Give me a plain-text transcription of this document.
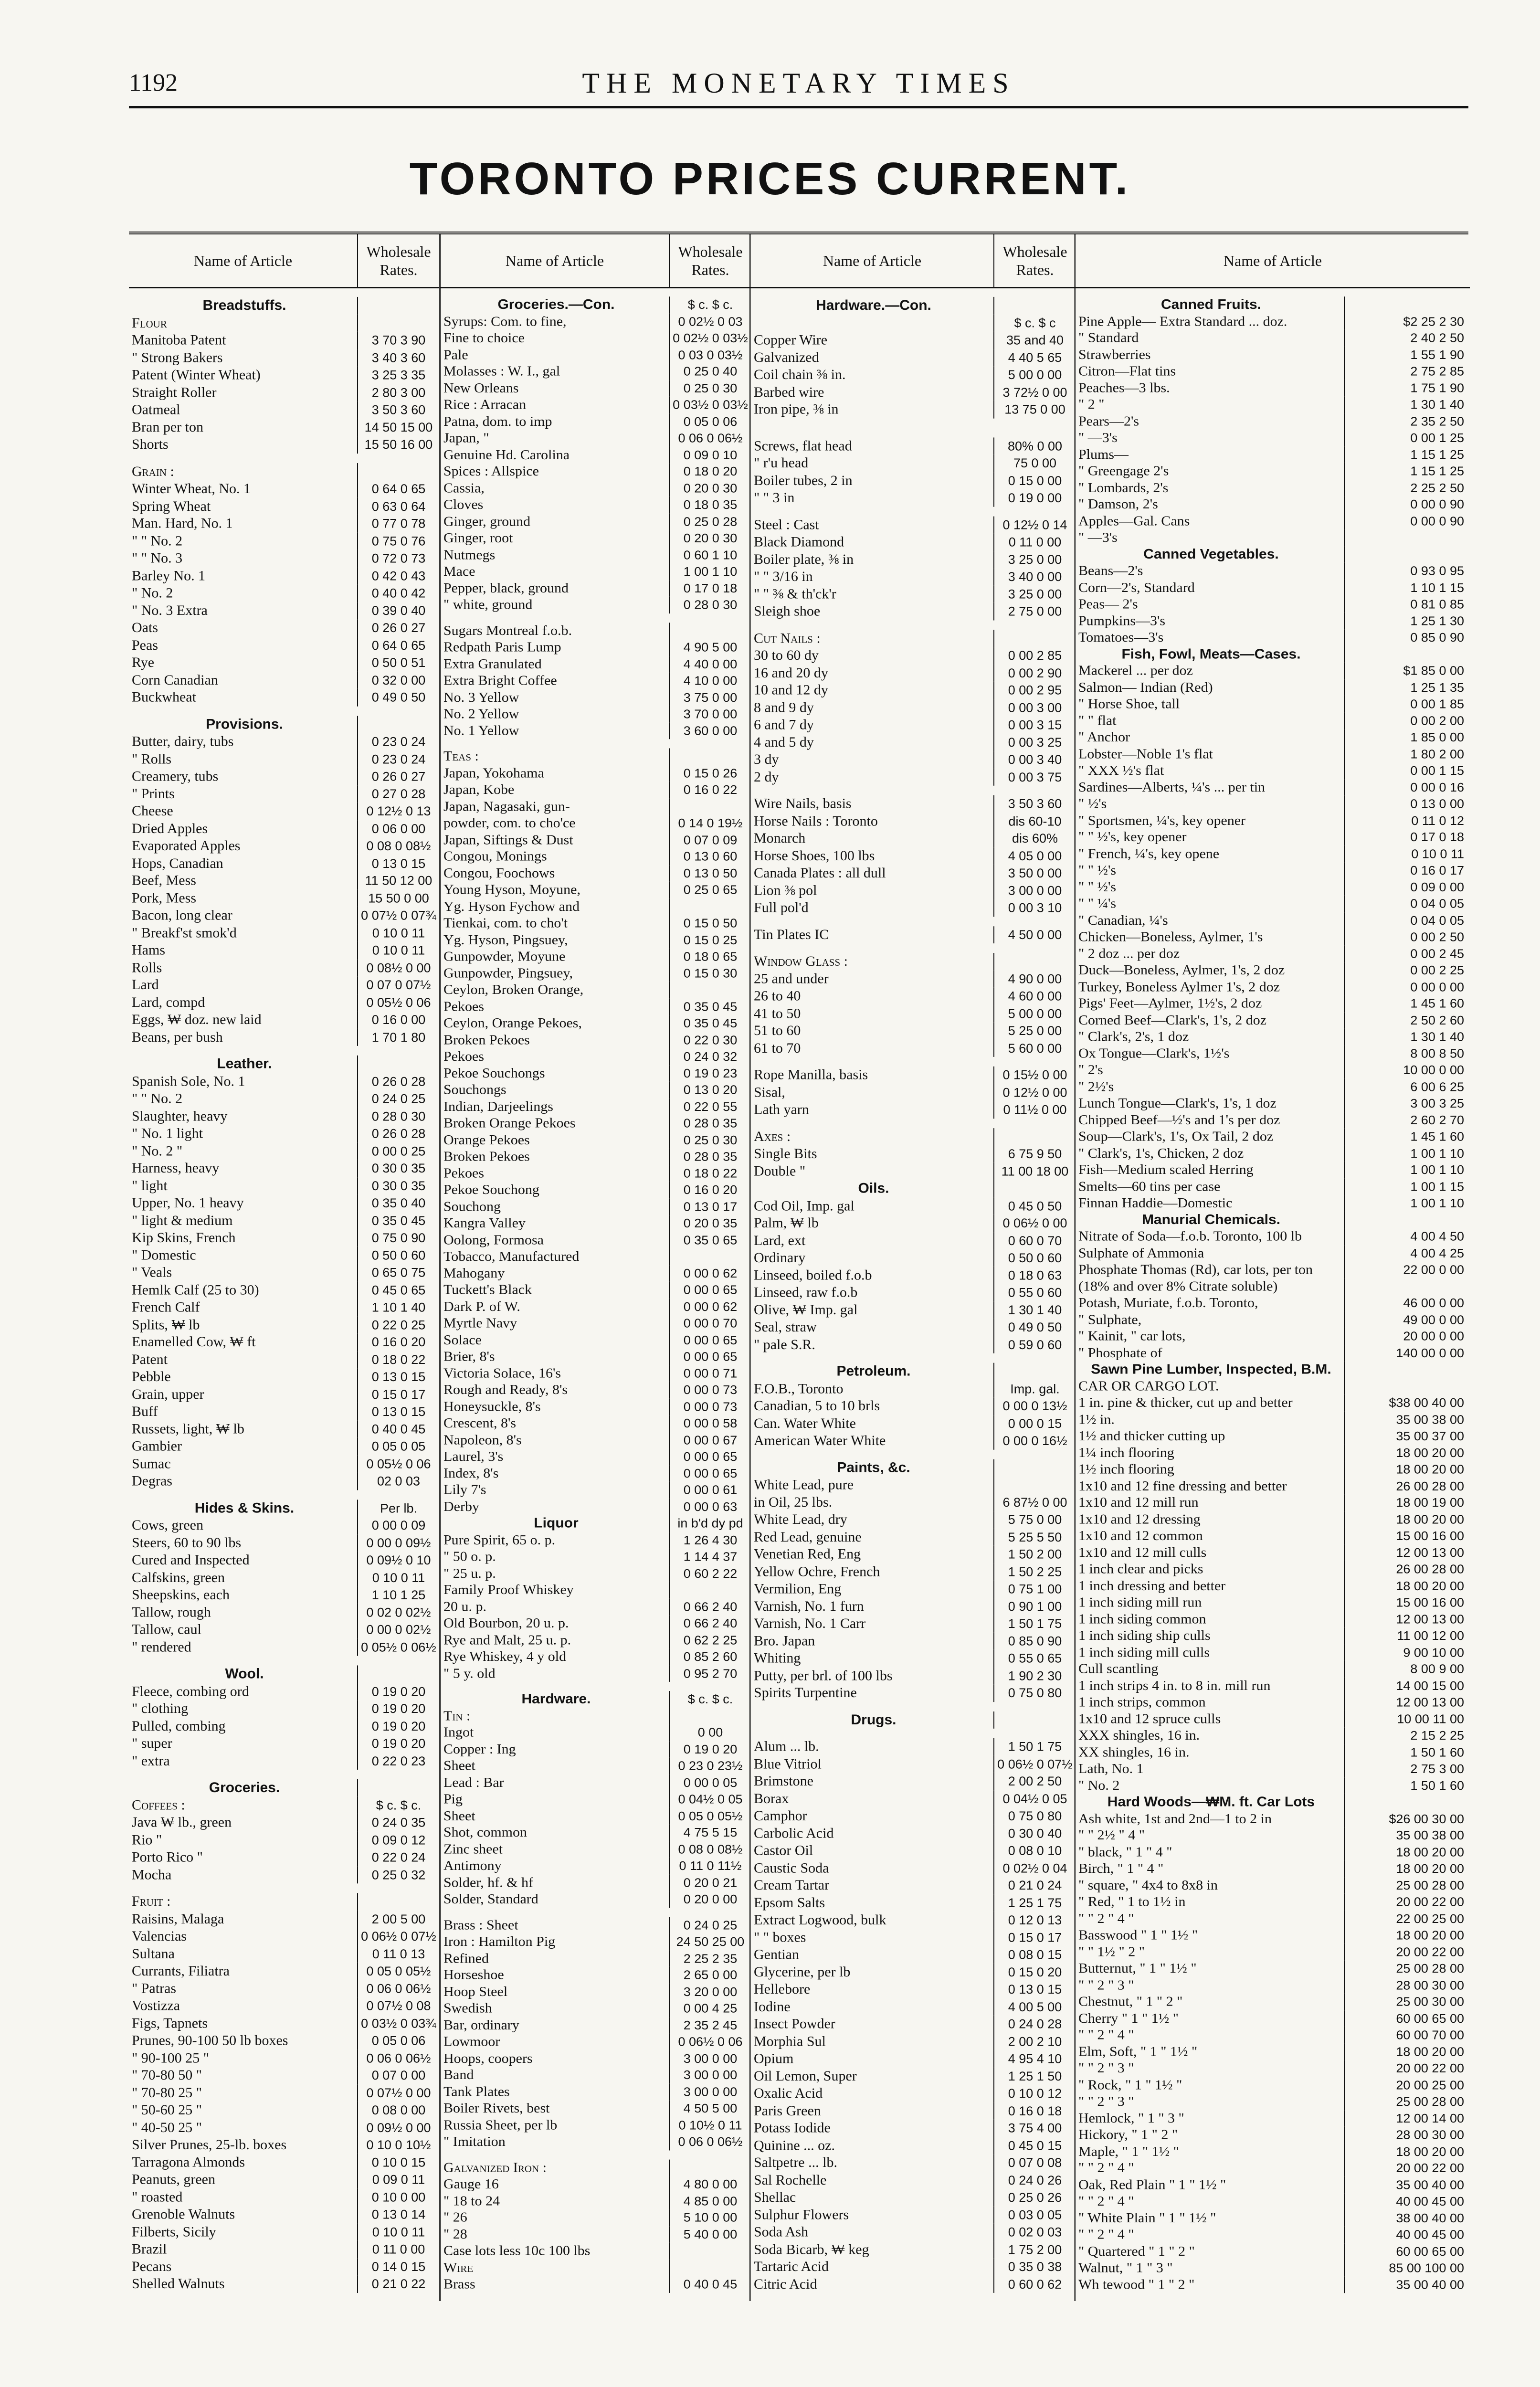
1192	THE MONETARY TIMES
TORONTO PRICES CURRENT.
Name of Article
Wholesale Rates.
Breadstuffs.
Flour
Manitoba Patent	3 70 3 90
" Strong Bakers	3 40 3 60
Patent (Winter Wheat)	3 25 3 35
Straight Roller	2 80 3 00
Oatmeal	3 50 3 60
Bran per ton	14 50 15 00
Shorts	15 50 16 00
Grain :
Winter Wheat, No. 1	0 64 0 65
Spring Wheat	0 63 0 64
Man. Hard, No. 1	0 77 0 78
" " No. 2	0 75 0 76
" " No. 3	0 72 0 73
Barley No. 1	0 42 0 43
" No. 2	0 40 0 42
" No. 3 Extra	0 39 0 40
Oats	0 26 0 27
Peas	0 64 0 65
Rye	0 50 0 51
Corn Canadian	0 32 0 00
Buckwheat	0 49 0 50
Provisions.
Butter, dairy, tubs	0 23 0 24
" Rolls	0 23 0 24
Creamery, tubs	0 26 0 27
" Prints	0 27 0 28
Cheese	0 12½ 0 13
Dried Apples	0 06 0 00
Evaporated Apples	0 08 0 08½
Hops, Canadian	0 13 0 15
Beef, Mess	11 50 12 00
Pork, Mess	15 50 0 00
Bacon, long clear	0 07½ 0 07¾
" Breakf'st smok'd	0 10 0 11
Hams	0 10 0 11
Rolls	0 08½ 0 00
Lard	0 07 0 07½
Lard, compd	0 05½ 0 06
Eggs, ₩ doz. new laid	0 16 0 00
Beans, per bush	1 70 1 80
Leather.
Spanish Sole, No. 1	0 26 0 28
" " No. 2	0 24 0 25
Slaughter, heavy	0 28 0 30
" No. 1 light	0 26 0 28
" No. 2 "	0 00 0 25
Harness, heavy	0 30 0 35
" light	0 30 0 35
Upper, No. 1 heavy	0 35 0 40
" light & medium	0 35 0 45
Kip Skins, French	0 75 0 90
" Domestic	0 50 0 60
" Veals	0 65 0 75
Hemlk Calf (25 to 30)	0 45 0 65
French Calf	1 10 1 40
Splits, ₩ lb	0 22 0 25
Enamelled Cow, ₩ ft	0 16 0 20
Patent	0 18 0 22
Pebble	0 13 0 15
Grain, upper	0 15 0 17
Buff	0 13 0 15
Russets, light, ₩ lb	0 40 0 45
Gambier	0 05 0 05
Sumac	0 05½ 0 06
Degras	02 0 03
Hides & Skins.	Per lb.
Cows, green	0 00 0 09
Steers, 60 to 90 lbs	0 00 0 09½
Cured and Inspected	0 09½ 0 10
Calfskins, green	0 10 0 11
Sheepskins, each	1 10 1 25
Tallow, rough	0 02 0 02½
Tallow, caul	0 00 0 02½
" rendered	0 05½ 0 06½
Wool.
Fleece, combing ord	0 19 0 20
" clothing	0 19 0 20
Pulled, combing	0 19 0 20
" super	0 19 0 20
" extra	0 22 0 23
Groceries.
Coffees :	$ c. $ c.
Java ₩ lb., green	0 24 0 35
Rio "	0 09 0 12
Porto Rico "	0 22 0 24
Mocha	0 25 0 32
Fruit :
Raisins, Malaga	2 00 5 00
Valencias	0 06½ 0 07½
Sultana	0 11 0 13
Currants, Filiatra	0 05 0 05½
" Patras	0 06 0 06½
Vostizza	0 07½ 0 08
Figs, Tapnets	0 03½ 0 03¾
Prunes, 90-100 50 lb boxes	0 05 0 06
" 90-100 25 "	0 06 0 06½
" 70-80 50 "	0 07 0 00
" 70-80 25 "	0 07½ 0 00
" 50-60 25 "	0 08 0 00
" 40-50 25 "	0 09½ 0 00
Silver Prunes, 25-lb. boxes	0 10 0 10½
Tarragona Almonds	0 10 0 15
Peanuts, green	0 09 0 11
" roasted	0 10 0 00
Grenoble Walnuts	0 13 0 14
Filberts, Sicily	0 10 0 11
Brazil	0 11 0 00
Pecans	0 14 0 15
Shelled Walnuts	0 21 0 22
Name of Article
Wholesale Rates.
Groceries.—Con.	$ c. $ c.
Syrups: Com. to fine,	0 02½ 0 03
Fine to choice	0 02½ 0 03½
Pale	0 03 0 03½
Molasses : W. I., gal	0 25 0 40
New Orleans	0 25 0 30
Rice : Arracan	0 03½ 0 03½
Patna, dom. to imp	0 05 0 06
Japan, "	0 06 0 06½
Genuine Hd. Carolina	0 09 0 10
Spices : Allspice	0 18 0 20
Cassia,	0 20 0 30
Cloves	0 18 0 35
Ginger, ground	0 25 0 28
Ginger, root	0 20 0 30
Nutmegs	0 60 1 10
Mace	1 00 1 10
Pepper, black, ground	0 17 0 18
" white, ground	0 28 0 30
Sugars Montreal f.o.b.
Redpath Paris Lump	4 90 5 00
Extra Granulated	4 40 0 00
Extra Bright Coffee	4 10 0 00
No. 3 Yellow	3 75 0 00
No. 2 Yellow	3 70 0 00
No. 1 Yellow	3 60 0 00
Teas :
Japan, Yokohama	0 15 0 26
Japan, Kobe	0 16 0 22
Japan, Nagasaki, gun-
powder, com. to cho'ce	0 14 0 19½
Japan, Siftings & Dust	0 07 0 09
Congou, Monings	0 13 0 60
Congou, Foochows	0 13 0 50
Young Hyson, Moyune,	0 25 0 65
Yg. Hyson Fychow and
Tienkai, com. to cho't	0 15 0 50
Yg. Hyson, Pingsuey,	0 15 0 25
Gunpowder, Moyune	0 18 0 65
Gunpowder, Pingsuey,	0 15 0 30
Ceylon, Broken Orange,
Pekoes	0 35 0 45
Ceylon, Orange Pekoes,	0 35 0 45
Broken Pekoes	0 22 0 30
Pekoes	0 24 0 32
Pekoe Souchongs	0 19 0 23
Souchongs	0 13 0 20
Indian, Darjeelings	0 22 0 55
Broken Orange Pekoes	0 28 0 35
Orange Pekoes	0 25 0 30
Broken Pekoes	0 28 0 35
Pekoes	0 18 0 22
Pekoe Souchong	0 16 0 20
Souchong	0 13 0 17
Kangra Valley	0 20 0 35
Oolong, Formosa	0 35 0 65
Tobacco, Manufactured
Mahogany	0 00 0 62
Tuckett's Black	0 00 0 65
Dark P. of W.	0 00 0 62
Myrtle Navy	0 00 0 70
Solace	0 00 0 65
Brier, 8's	0 00 0 65
Victoria Solace, 16's	0 00 0 71
Rough and Ready, 8's	0 00 0 73
Honeysuckle, 8's	0 00 0 73
Crescent, 8's	0 00 0 58
Napoleon, 8's	0 00 0 67
Laurel, 3's	0 00 0 65
Index, 8's	0 00 0 65
Lily 7's	0 00 0 61
Derby	0 00 0 63
Liquor	in b'd dy pd
Pure Spirit, 65 o. p.	1 26 4 30
" 50 o. p.	1 14 4 37
" 25 u. p.	0 60 2 22
Family Proof Whiskey
20 u. p.	0 66 2 40
Old Bourbon, 20 u. p.	0 66 2 40
Rye and Malt, 25 u. p.	0 62 2 25
Rye Whiskey, 4 y old	0 85 2 60
" 5 y. old	0 95 2 70
Hardware.	$ c. $ c.
Tin :
Ingot	0 00
Copper : Ing	0 19 0 20
Sheet	0 23 0 23½
Lead : Bar	0 00 0 05
Pig	0 04½ 0 05
Sheet	0 05 0 05½
Shot, common	4 75 5 15
Zinc sheet	0 08 0 08½
Antimony	0 11 0 11½
Solder, hf. & hf	0 20 0 21
Solder, Standard	0 20 0 00
Brass : Sheet	0 24 0 25
Iron : Hamilton Pig	24 50 25 00
Refined	2 25 2 35
Horseshoe	2 65 0 00
Hoop Steel	3 20 0 00
Swedish	0 00 4 25
Bar, ordinary	2 35 2 45
Lowmoor	0 06½ 0 06
Hoops, coopers	3 00 0 00
Band	3 00 0 00
Tank Plates	3 00 0 00
Boiler Rivets, best	4 50 5 00
Russia Sheet, per lb	0 10½ 0 11
" Imitation	0 06 0 06½
Galvanized Iron :
Gauge 16	4 80 0 00
" 18 to 24	4 85 0 00
" 26	5 10 0 00
" 28	5 40 0 00
Case lots less 10c 100 lbs
Wire
Brass	0 40 0 45
Name of Article
Wholesale Rates.
Hardware.—Con.
$ c. $ c
Copper Wire	35 and 40
Galvanized	4 40 5 65
Coil chain ⅜ in.	5 00 0 00
Barbed wire	3 72½ 0 00
Iron pipe, ⅜ in	13 75 0 00
Screws, flat head	80% 0 00
" r'u head	75 0 00
Boiler tubes, 2 in	0 15 0 00
" " 3 in	0 19 0 00
Steel : Cast	0 12½ 0 14
Black Diamond	0 11 0 00
Boiler plate, ⅜ in	3 25 0 00
" " 3/16 in	3 40 0 00
" " ⅜ & th'ck'r	3 25 0 00
Sleigh shoe	2 75 0 00
Cut Nails :
30 to 60 dy	0 00 2 85
16 and 20 dy	0 00 2 90
10 and 12 dy	0 00 2 95
8 and 9 dy	0 00 3 00
6 and 7 dy	0 00 3 15
4 and 5 dy	0 00 3 25
3 dy	0 00 3 40
2 dy	0 00 3 75
Wire Nails, basis	3 50 3 60
Horse Nails : Toronto	dis 60-10
Monarch	dis 60%
Horse Shoes, 100 lbs	4 05 0 00
Canada Plates : all dull	3 50 0 00
Lion ⅜ pol	3 00 0 00
Full pol'd	0 00 3 10
Tin Plates IC	4 50 0 00
Window Glass :
25 and under	4 90 0 00
26 to 40	4 60 0 00
41 to 50	5 00 0 00
51 to 60	5 25 0 00
61 to 70	5 60 0 00
Rope Manilla, basis	0 15½ 0 00
Sisal,	0 12½ 0 00
Lath yarn	0 11½ 0 00
Axes :
Single Bits	6 75 9 50
Double "	11 00 18 00
Oils.
Cod Oil, Imp. gal	0 45 0 50
Palm, ₩ lb	0 06½ 0 00
Lard, ext	0 60 0 70
Ordinary	0 50 0 60
Linseed, boiled f.o.b	0 18 0 63
Linseed, raw f.o.b	0 55 0 60
Olive, ₩ Imp. gal	1 30 1 40
Seal, straw	0 49 0 50
" pale S.R.	0 59 0 60
Petroleum.
F.O.B., Toronto	Imp. gal.
Canadian, 5 to 10 brls	0 00 0 13½
Can. Water White	0 00 0 15
American Water White	0 00 0 16½
Paints, &c.
White Lead, pure
in Oil, 25 lbs.	6 87½ 0 00
White Lead, dry	5 75 0 00
Red Lead, genuine	5 25 5 50
Venetian Red, Eng	1 50 2 00
Yellow Ochre, French	1 50 2 25
Vermilion, Eng	0 75 1 00
Varnish, No. 1 furn	0 90 1 00
Varnish, No. 1 Carr	1 50 1 75
Bro. Japan	0 85 0 90
Whiting	0 55 0 65
Putty, per brl. of 100 lbs	1 90 2 30
Spirits Turpentine	0 75 0 80
Drugs.
Alum ... lb.	1 50 1 75
Blue Vitriol	0 06½ 0 07½
Brimstone	2 00 2 50
Borax	0 04½ 0 05
Camphor	0 75 0 80
Carbolic Acid	0 30 0 40
Castor Oil	0 08 0 10
Caustic Soda	0 02½ 0 04
Cream Tartar	0 21 0 24
Epsom Salts	1 25 1 75
Extract Logwood, bulk	0 12 0 13
" " boxes	0 15 0 17
Gentian	0 08 0 15
Glycerine, per lb	0 15 0 20
Hellebore	0 13 0 15
Iodine	4 00 5 00
Insect Powder	0 24 0 28
Morphia Sul	2 00 2 10
Opium	4 95 4 10
Oil Lemon, Super	1 25 1 50
Oxalic Acid	0 10 0 12
Paris Green	0 16 0 18
Potass Iodide	3 75 4 00
Quinine ... oz.	0 45 0 15
Saltpetre ... lb.	0 07 0 08
Sal Rochelle	0 24 0 26
Shellac	0 25 0 26
Sulphur Flowers	0 03 0 05
Soda Ash	0 02 0 03
Soda Bicarb, ₩ keg	1 75 2 00
Tartaric Acid	0 35 0 38
Citric Acid	0 60 0 62
Name of Article
Canned Fruits.
Pine Apple— Extra Standard ... doz.	$2 25 2 30
" Standard	2 40 2 50
Strawberries	1 55 1 90
Citron—Flat tins	2 75 2 85
Peaches—3 lbs.	1 75 1 90
" 2 "	1 30 1 40
Pears—2's	2 35 2 50
" —3's	0 00 1 25
Plums—	1 15 1 25
" Greengage 2's	1 15 1 25
" Lombards, 2's	2 25 2 50
" Damson, 2's	0 00 0 90
Apples—Gal. Cans	0 00 0 90
" —3's
Canned Vegetables.
Beans—2's	0 93 0 95
Corn—2's, Standard	1 10 1 15
Peas— 2's	0 81 0 85
Pumpkins—3's	1 25 1 30
Tomatoes—3's	0 85 0 90
Fish, Fowl, Meats—Cases.
Mackerel ... per doz	$1 85 0 00
Salmon— Indian (Red)	1 25 1 35
" Horse Shoe, tall	0 00 1 85
" " flat	0 00 2 00
" Anchor	1 85 0 00
Lobster—Noble 1's flat	1 80 2 00
" XXX ½'s flat	0 00 1 15
Sardines—Alberts, ¼'s ... per tin	0 00 0 16
" ½'s	0 13 0 00
" Sportsmen, ¼'s, key opener	0 11 0 12
" " ½'s, key opener	0 17 0 18
" French, ¼'s, key opene	0 10 0 11
" " ½'s	0 16 0 17
" " ½'s	0 09 0 00
" " ¼'s	0 04 0 05
" Canadian, ¼'s	0 04 0 05
Chicken—Boneless, Aylmer, 1's	0 00 2 50
" 2 doz ... per doz	0 00 2 45
Duck—Boneless, Aylmer, 1's, 2 doz	0 00 2 25
Turkey, Boneless Aylmer 1's, 2 doz	0 00 0 00
Pigs' Feet—Aylmer, 1½'s, 2 doz	1 45 1 60
Corned Beef—Clark's, 1's, 2 doz	2 50 2 60
" Clark's, 2's, 1 doz	1 30 1 40
Ox Tongue—Clark's, 1½'s	8 00 8 50
" 2's	10 00 0 00
" 2½'s	6 00 6 25
Lunch Tongue—Clark's, 1's, 1 doz	3 00 3 25
Chipped Beef—½'s and 1's per doz	2 60 2 70
Soup—Clark's, 1's, Ox Tail, 2 doz	1 45 1 60
" Clark's, 1's, Chicken, 2 doz	1 00 1 10
Fish—Medium scaled Herring	1 00 1 10
Smelts—60 tins per case	1 00 1 15
Finnan Haddie—Domestic	1 00 1 10
Manurial Chemicals.
Nitrate of Soda—f.o.b. Toronto, 100 lb	4 00 4 50
Sulphate of Ammonia	4 00 4 25
Phosphate Thomas (Rd), car lots, per ton	22 00 0 00
(18% and over 8% Citrate soluble)
Potash, Muriate, f.o.b. Toronto,	46 00 0 00
" Sulphate,	49 00 0 00
" Kainit, " car lots,	20 00 0 00
" Phosphate of	140 00 0 00
Sawn Pine Lumber, Inspected, B.M.
CAR OR CARGO LOT.
1 in. pine & thicker, cut up and better	$38 00 40 00
1½ in.	35 00 38 00
1½ and thicker cutting up	35 00 37 00
1¼ inch flooring	18 00 20 00
1½ inch flooring	18 00 20 00
1x10 and 12 fine dressing and better	26 00 28 00
1x10 and 12 mill run	18 00 19 00
1x10 and 12 dressing	18 00 20 00
1x10 and 12 common	15 00 16 00
1x10 and 12 mill culls	12 00 13 00
1 inch clear and picks	26 00 28 00
1 inch dressing and better	18 00 20 00
1 inch siding mill run	15 00 16 00
1 inch siding common	12 00 13 00
1 inch siding ship culls	11 00 12 00
1 inch siding mill culls	9 00 10 00
Cull scantling	8 00 9 00
1 inch strips 4 in. to 8 in. mill run	14 00 15 00
1 inch strips, common	12 00 13 00
1x10 and 12 spruce culls	10 00 11 00
XXX shingles, 16 in.	2 15 2 25
XX shingles, 16 in.	1 50 1 60
Lath, No. 1	2 75 3 00
" No. 2	1 50 1 60
Hard Woods—₩M. ft. Car Lots
Ash white, 1st and 2nd—1 to 2 in	$26 00 30 00
" " 2½ " 4 "	35 00 38 00
" black, " 1 " 4 "	18 00 20 00
Birch, " 1 " 4 "	18 00 20 00
" square, " 4x4 to 8x8 in	25 00 28 00
" Red, " 1 to 1½ in	20 00 22 00
" " 2 " 4 "	22 00 25 00
Basswood " 1 " 1½ "	18 00 20 00
" " 1½ " 2 "	20 00 22 00
Butternut, " 1 " 1½ "	25 00 28 00
" " 2 " 3 "	28 00 30 00
Chestnut, " 1 " 2 "	25 00 30 00
Cherry " 1 " 1½ "	60 00 65 00
" " 2 " 4 "	60 00 70 00
Elm, Soft, " 1 " 1½ "	18 00 20 00
" " 2 " 3 "	20 00 22 00
" Rock, " 1 " 1½ "	20 00 25 00
" " 2 " 3 "	25 00 28 00
Hemlock, " 1 " 3 "	12 00 14 00
Hickory, " 1 " 2 "	28 00 30 00
Maple, " 1 " 1½ "	18 00 20 00
" " 2 " 4 "	20 00 22 00
Oak, Red Plain " 1 " 1½ "	35 00 40 00
" " 2 " 4 "	40 00 45 00
" White Plain " 1 " 1½ "	38 00 40 00
" " 2 " 4 "	40 00 45 00
" Quartered " 1 " 2 "	60 00 65 00
Walnut, " 1 " 3 "	85 00 100 00
Wh tewood " 1 " 2 "	35 00 40 00
